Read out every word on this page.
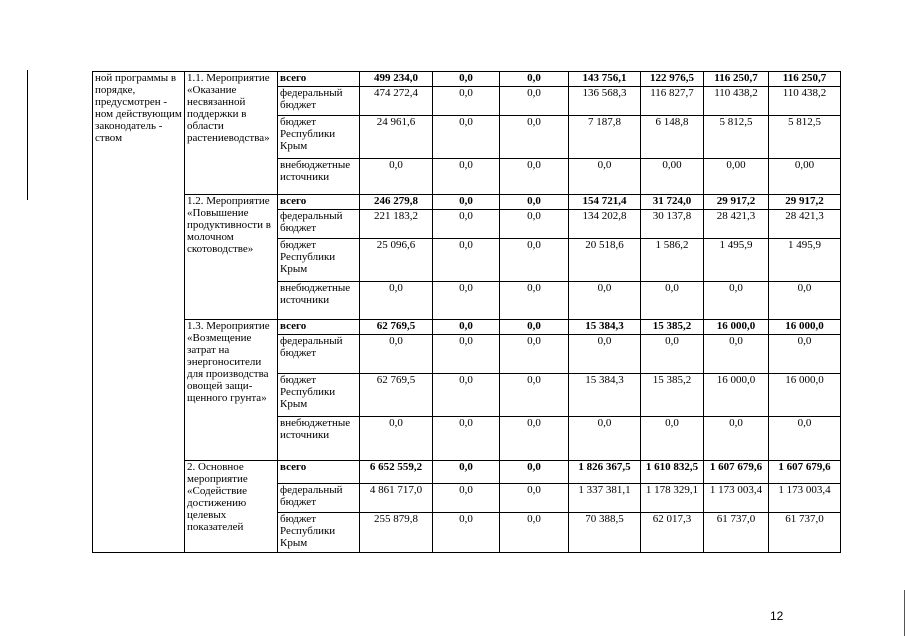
ной программы в порядке, предусмотрен - ном действующим законодатель - ством	1.1. Мероприятие «Оказание несвязанной поддержки в области растениеводства»	всего	499 234,0	0,0	0,0	143 756,1	122 976,5	116 250,7	116 250,7
		федеральный бюджет	474 272,4	0,0	0,0	136 568,3	116 827,7	110 438,2	110 438,2
		бюджет Республики Крым	24 961,6	0,0	0,0	7 187,8	6 148,8	5 812,5	5 812,5
		внебюджетные источники	0,0	0,0	0,0	0,0	0,00	0,00	0,00
	1.2. Мероприятие «Повышение продуктивности в молочном скотоводстве»	всего	246 279,8	0,0	0,0	154 721,4	31 724,0	29 917,2	29 917,2
		федеральный бюджет	221 183,2	0,0	0,0	134 202,8	30 137,8	28 421,3	28 421,3
		бюджет Республики Крым	25 096,6	0,0	0,0	20 518,6	1 586,2	1 495,9	1 495,9
		внебюджетные источники	0,0	0,0	0,0	0,0	0,0	0,0	0,0
	1.3. Мероприятие «Возмещение затрат на энергоносители для производства овощей защи- щенного грунта»	всего	62 769,5	0,0	0,0	15 384,3	15 385,2	16 000,0	16 000,0
		федеральный бюджет	0,0	0,0	0,0	0,0	0,0	0,0	0,0
		бюджет Республики Крым	62 769,5	0,0	0,0	15 384,3	15 385,2	16 000,0	16 000,0
		внебюджетные источники	0,0	0,0	0,0	0,0	0,0	0,0	0,0
	2. Основное мероприятие «Содействие достижению целевых показателей	всего	6 652 559,2	0,0	0,0	1 826 367,5	1 610 832,5	1 607 679,6	1 607 679,6
		федеральный бюджет	4 861 717,0	0,0	0,0	1 337 381,1	1 178 329,1	1 173 003,4	1 173 003,4
		бюджет Республики Крым	255 879,8	0,0	0,0	70 388,5	62 017,3	61 737,0	61 737,0
12
